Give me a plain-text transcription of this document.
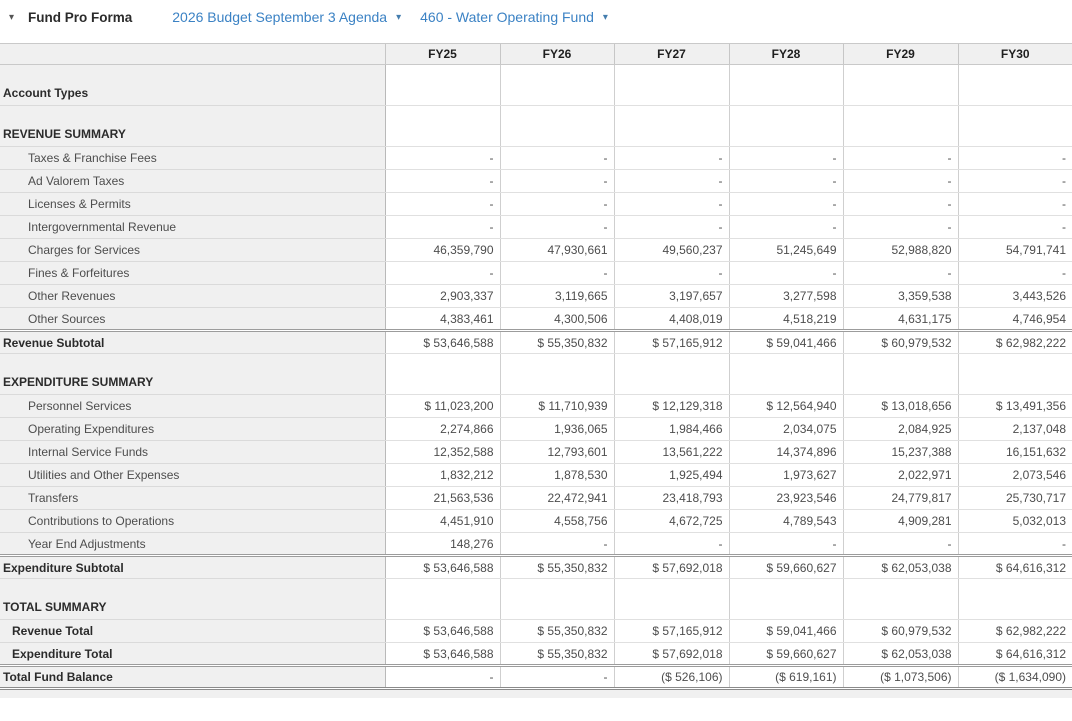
▾	Fund Pro Forma	2026 Budget September 3 Agenda ▾ 460 - Water Operating Fund ▾
	FY25	FY26	FY27	FY28	FY29	FY30
Account Types						
REVENUE SUMMARY						
Taxes & Franchise Fees	-	-	-	-	-	-
Ad Valorem Taxes	-	-	-	-	-	-
Licenses & Permits	-	-	-	-	-	-
Intergovernmental Revenue	-	-	-	-	-	-
Charges for Services	46,359,790	47,930,661	49,560,237	51,245,649	52,988,820	54,791,741
Fines & Forfeitures	-	-	-	-	-	-
Other Revenues	2,903,337	3,119,665	3,197,657	3,277,598	3,359,538	3,443,526
Other Sources	4,383,461	4,300,506	4,408,019	4,518,219	4,631,175	4,746,954
Revenue Subtotal	$ 53,646,588	$ 55,350,832	$ 57,165,912	$ 59,041,466	$ 60,979,532	$ 62,982,222
EXPENDITURE SUMMARY						
Personnel Services	$ 11,023,200	$ 11,710,939	$ 12,129,318	$ 12,564,940	$ 13,018,656	$ 13,491,356
Operating Expenditures	2,274,866	1,936,065	1,984,466	2,034,075	2,084,925	2,137,048
Internal Service Funds	12,352,588	12,793,601	13,561,222	14,374,896	15,237,388	16,151,632
Utilities and Other Expenses	1,832,212	1,878,530	1,925,494	1,973,627	2,022,971	2,073,546
Transfers	21,563,536	22,472,941	23,418,793	23,923,546	24,779,817	25,730,717
Contributions to Operations	4,451,910	4,558,756	4,672,725	4,789,543	4,909,281	5,032,013
Year End Adjustments	148,276	-	-	-	-	-
Expenditure Subtotal	$ 53,646,588	$ 55,350,832	$ 57,692,018	$ 59,660,627	$ 62,053,038	$ 64,616,312
TOTAL SUMMARY						
Revenue Total	$ 53,646,588	$ 55,350,832	$ 57,165,912	$ 59,041,466	$ 60,979,532	$ 62,982,222
Expenditure Total	$ 53,646,588	$ 55,350,832	$ 57,692,018	$ 59,660,627	$ 62,053,038	$ 64,616,312
Total Fund Balance	-	-	($ 526,106)	($ 619,161)	($ 1,073,506)	($ 1,634,090)
